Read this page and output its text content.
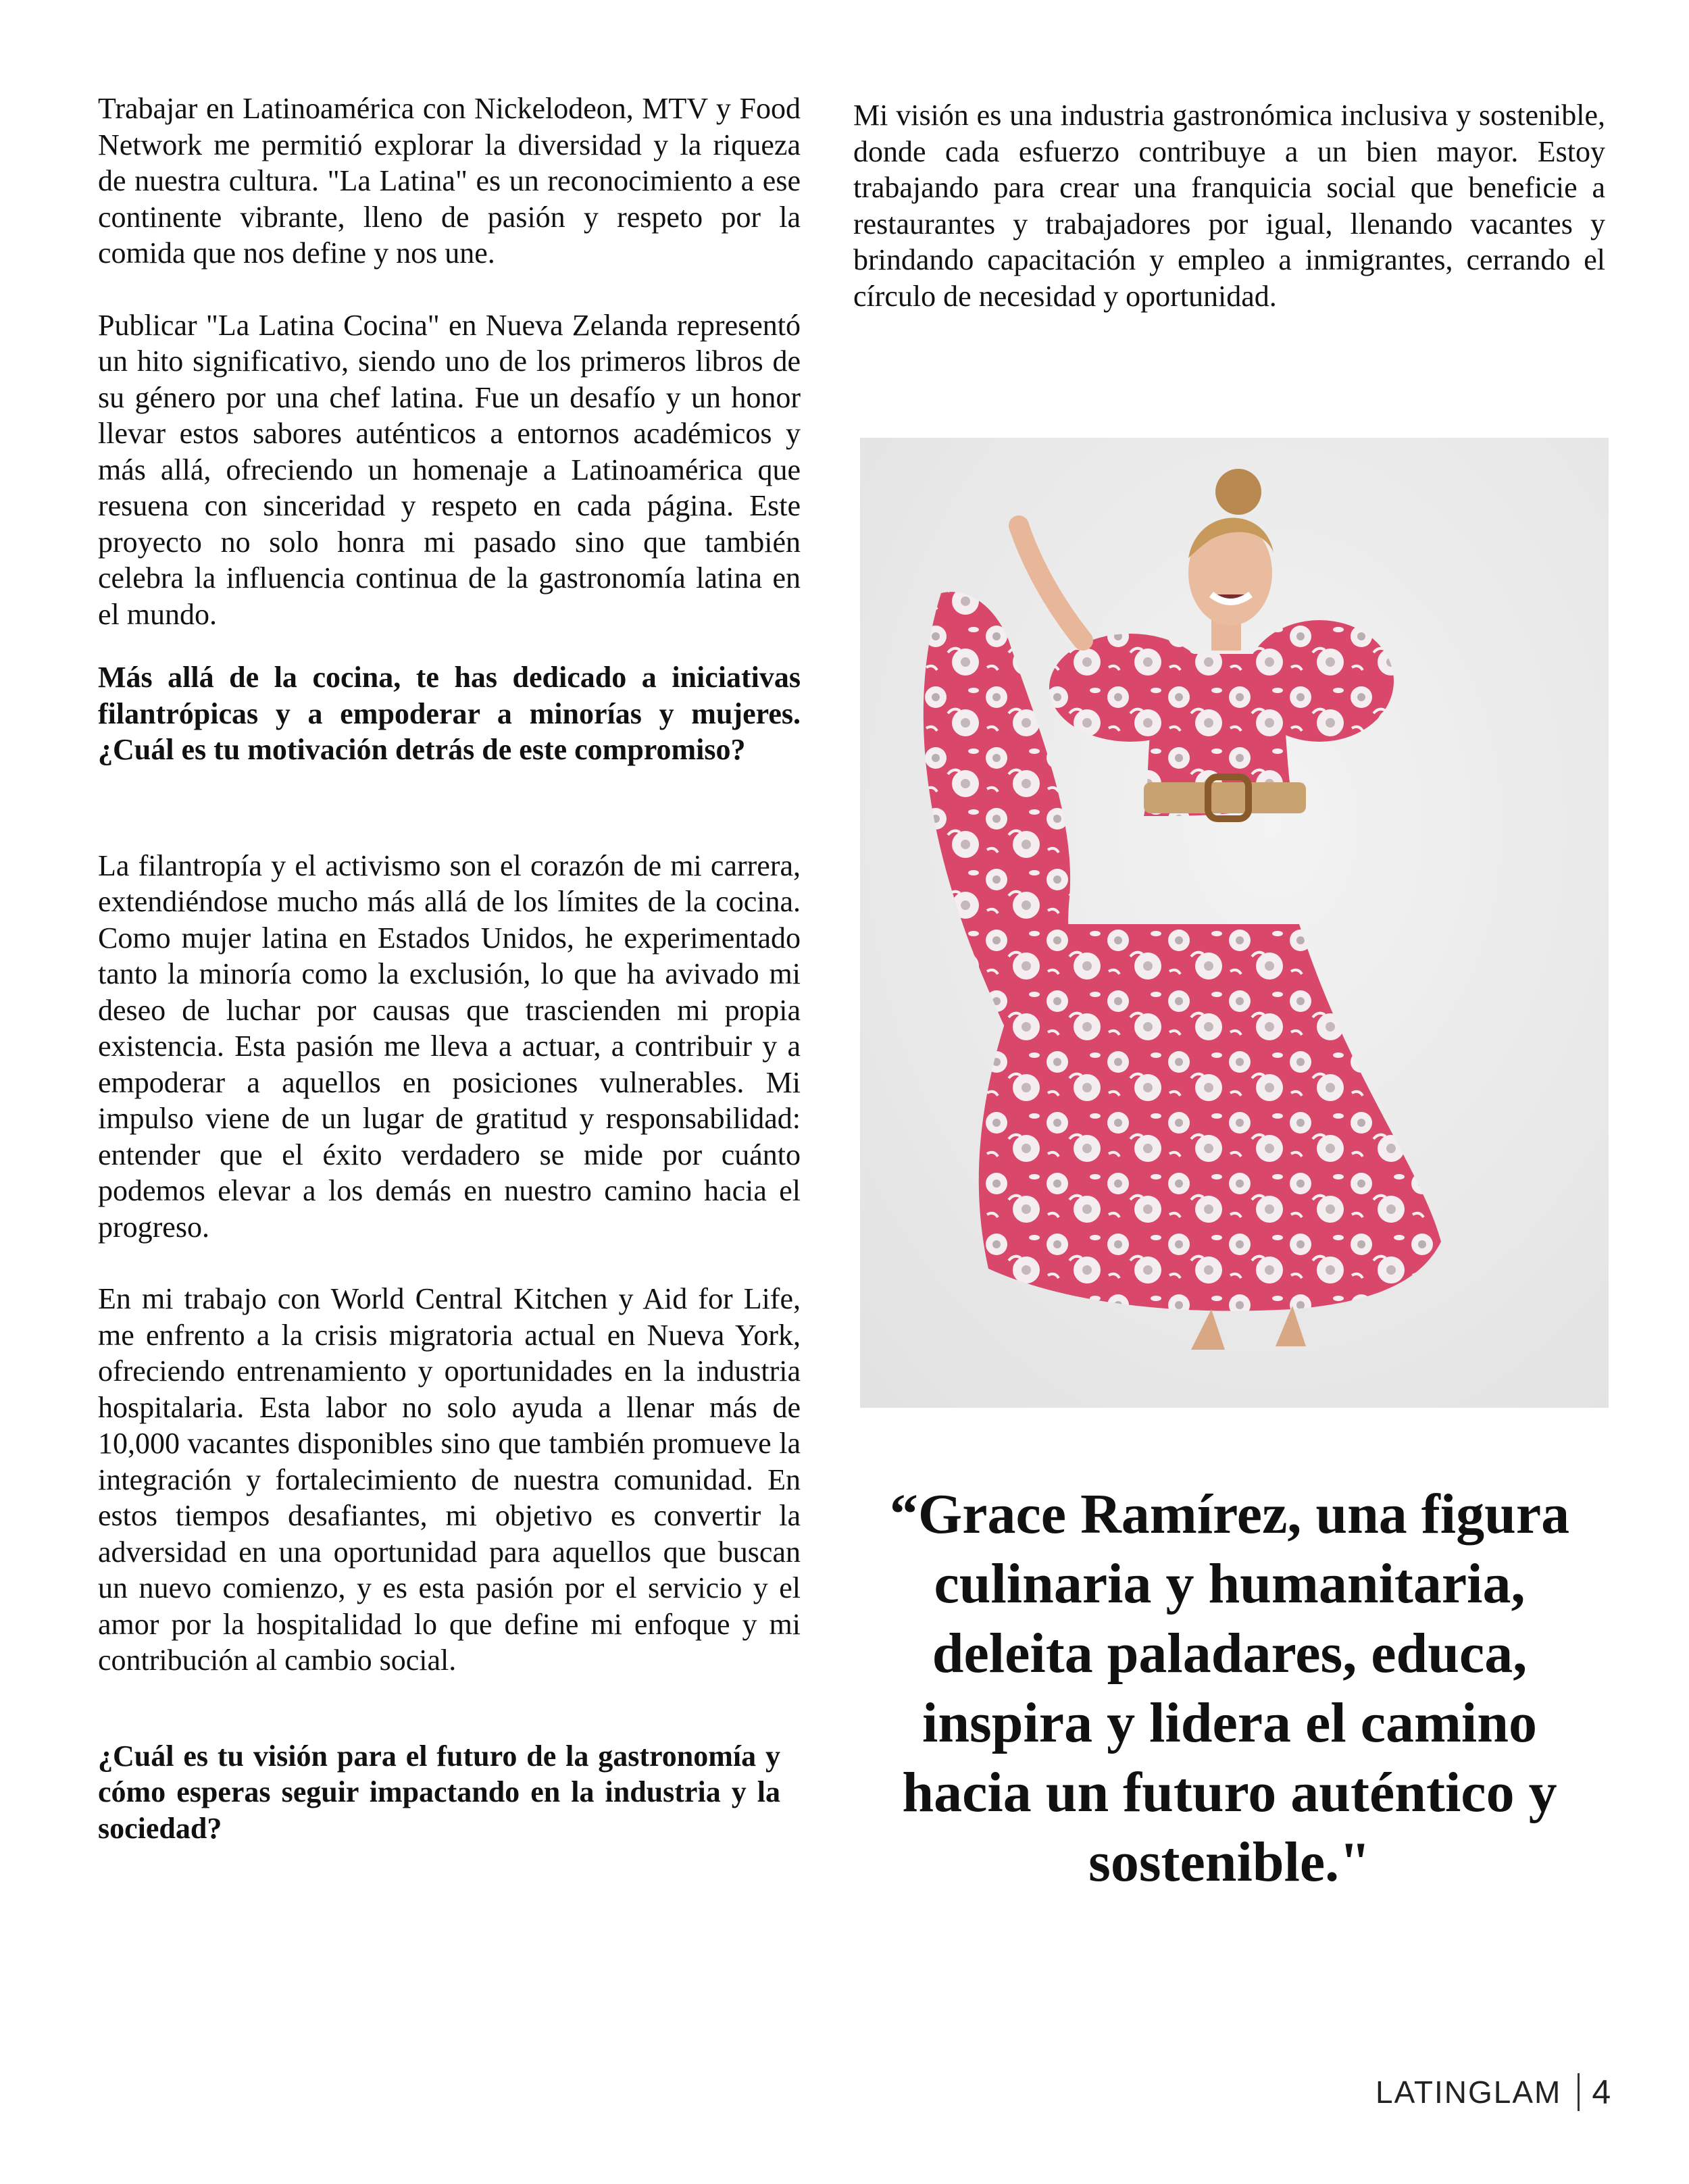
Trabajar en Latinoamérica con Nickelodeon, MTV y Food Network me permitió explorar la diversidad y la riqueza de nuestra cultura. "La Latina" es un reconocimiento a ese continente vibrante, lleno de pasión y respeto por la comida que nos define y nos une.

Publicar "La Latina Cocina" en Nueva Zelanda representó un hito significativo, siendo uno de los primeros libros de su género por una chef latina. Fue un desafío y un honor llevar estos sabores auténticos a entornos académicos y más allá, ofreciendo un homenaje a Latinoamérica que resuena con sinceridad y respeto en cada página. Este proyecto no solo honra mi pasado sino que también celebra la influencia continua de la gastronomía latina en el mundo.

Más allá de la cocina, te has dedicado a iniciativas filantrópicas y a empoderar a minorías y mujeres. ¿Cuál es tu motivación detrás de este compromiso?

La filantropía y el activismo son el corazón de mi carrera, extendiéndose mucho más allá de los límites de la cocina. Como mujer latina en Estados Unidos, he experimentado tanto la minoría como la exclusión, lo que ha avivado mi deseo de luchar por causas que trascienden mi propia existencia. Esta pasión me lleva a actuar, a contribuir y a empoderar a aquellos en posiciones vulnerables. Mi impulso viene de un lugar de gratitud y responsabilidad: entender que el éxito verdadero se mide por cuánto podemos elevar a los demás en nuestro camino hacia el progreso.

En mi trabajo con World Central Kitchen y Aid for Life, me enfrento a la crisis migratoria actual en Nueva York, ofreciendo entrenamiento y oportunidades en la industria hospitalaria. Esta labor no solo ayuda a llenar más de 10,000 vacantes disponibles sino que también promueve la integración y fortalecimiento de nuestra comunidad. En estos tiempos desafiantes, mi objetivo es convertir la adversidad en una oportunidad para aquellos que buscan un nuevo comienzo, y es esta pasión por el servicio y el amor por la hospitalidad lo que define mi enfoque y mi contribución al cambio social.

¿Cuál es tu visión para el futuro de la gastronomía y cómo esperas seguir impactando en la industria y la sociedad?

Mi visión es una industria gastronómica inclusiva y sostenible, donde cada esfuerzo contribuye a un bien mayor. Estoy trabajando para crear una franquicia social que beneficie a restaurantes y trabajadores por igual, llenando vacantes y brindando capacitación y empleo a inmigrantes, cerrando el círculo de necesidad y oportunidad.

“Grace Ramírez, una figura culinaria y humanitaria, deleita paladares, educa, inspira y lidera el camino hacia un futuro auténtico y sostenible."
LATINGLAM 4
